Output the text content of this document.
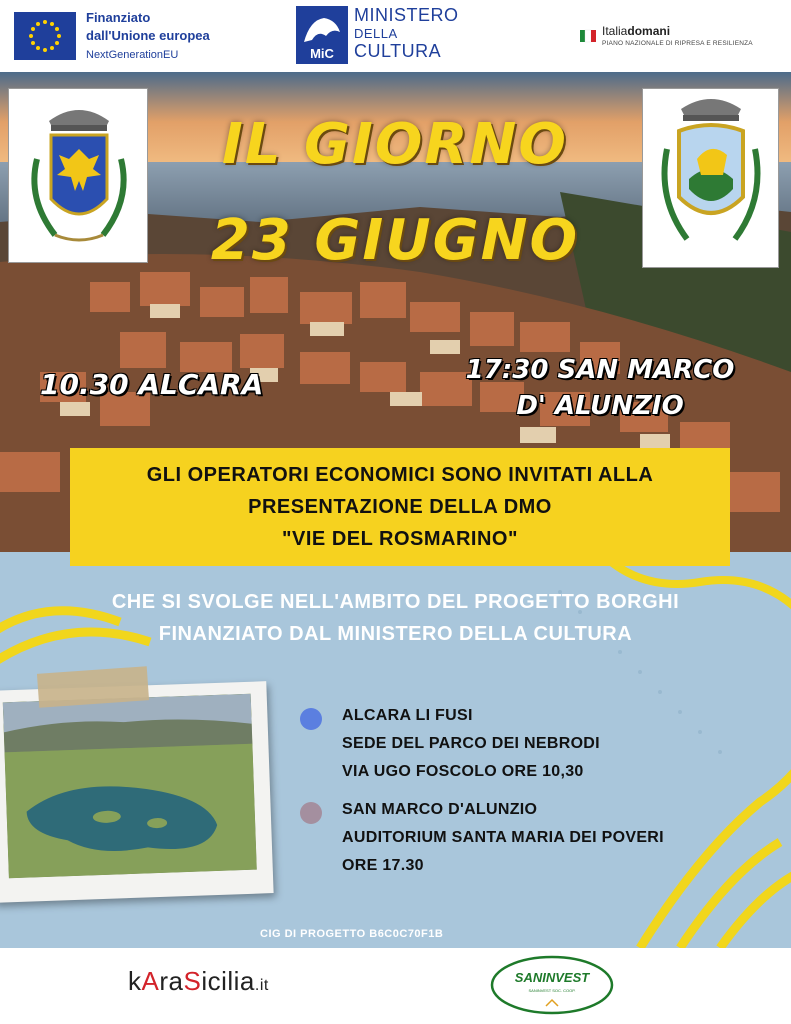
Finanziato
dall'Unione europea
NextGenerationEU	MiC
MINISTERO
DELLA
CULTURA
Italiadomani
PIANO NAZIONALE DI RIPRESA E RESILIENZA
IL GIORNO
23 GIUGNO
10.30 ALCARA	17:30 SAN MARCO
D' ALUNZIO
GLI OPERATORI ECONOMICI SONO INVITATI ALLA
PRESENTAZIONE DELLA DMO
"VIE DEL ROSMARINO"
CHE SI SVOLGE NELL'AMBITO DEL PROGETTO BORGHI
FINANZIATO DAL MINISTERO DELLA CULTURA
ALCARA LI FUSI
SEDE DEL PARCO DEI NEBRODI
VIA UGO FOSCOLO ORE 10,30
SAN MARCO D'ALUNZIO
AUDITORIUM SANTA MARIA DEI POVERI
ORE 17.30
CIG DI PROGETTO B6C0C70F1B
kAraSicilia.it	SANINVEST
SANINVEST SOC. COOP.
